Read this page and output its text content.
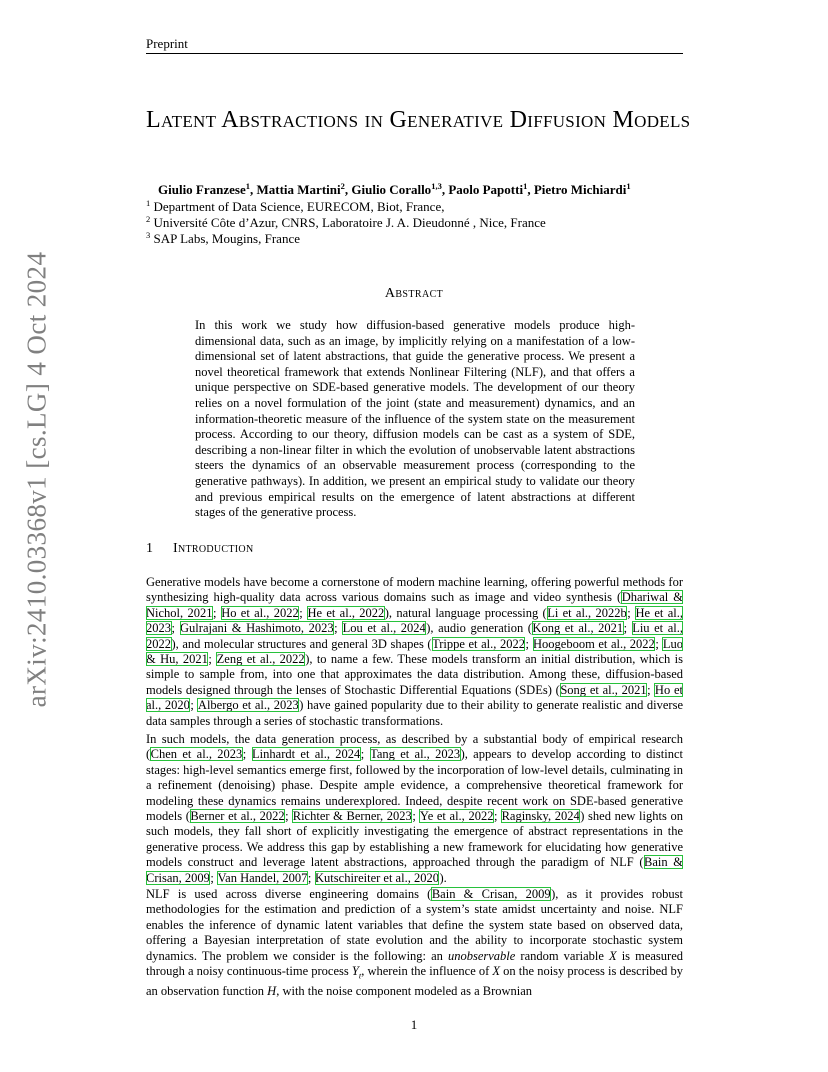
Preprint
arXiv:2410.03368v1 [cs.LG] 4 Oct 2024
Latent Abstractions in Generative Diffusion Models
Giulio Franzese$^1$, Mattia Martini$^2$, Giulio Corallo$^{1,3}$, Paolo Papotti$^1$, Pietro Michiardi$^1$
$^1$ Department of Data Science, EURECOM, Biot, France,
$^2$ Université Côte d’Azur, CNRS, Laboratoire J. A. Dieudonné , Nice, France
$^3$ SAP Labs, Mougins, France
Abstract

In this work we study how diffusion-based generative models produce high-dimensional data, such as an image, by implicitly relying on a manifestation of a low-dimensional set of latent abstractions, that guide the generative process. We present a novel theoretical framework that extends Nonlinear Filtering (NLF), and that offers a unique perspective on SDE-based generative models. The development of our theory relies on a novel formulation of the joint (state and measurement) dynamics, and an information-theoretic measure of the influence of the system state on the measurement process. According to our theory, diffusion models can be cast as a system of SDE, describing a non-linear filter in which the evolution of unobservable latent abstractions steers the dynamics of an observable measurement process (corresponding to the generative pathways). In addition, we present an empirical study to validate our theory and previous empirical results on the emergence of latent abstractions at different stages of the generative process.

1 Introduction

Generative models have become a cornerstone of modern machine learning, offering powerful methods for synthesizing high-quality data across various domains such as image and video synthesis (Dhariwal & Nichol, 2021; Ho et al., 2022; He et al., 2022), natural language processing (Li et al., 2022b; He et al., 2023; Gulrajani & Hashimoto, 2023; Lou et al., 2024), audio generation (Kong et al., 2021; Liu et al., 2022), and molecular structures and general 3D shapes (Trippe et al., 2022; Hoogeboom et al., 2022; Luo & Hu, 2021; Zeng et al., 2022), to name a few. These models transform an initial distribution, which is simple to sample from, into one that approximates the data distribution. Among these, diffusion-based models designed through the lenses of Stochastic Differential Equations (SDEs) (Song et al., 2021; Ho et al., 2020; Albergo et al., 2023) have gained popularity due to their ability to generate realistic and diverse data samples through a series of stochastic transformations.

In such models, the data generation process, as described by a substantial body of empirical research (Chen et al., 2023; Linhardt et al., 2024; Tang et al., 2023), appears to develop according to distinct stages: high-level semantics emerge first, followed by the incorporation of low-level details, culminating in a refinement (denoising) phase. Despite ample evidence, a comprehensive theoretical framework for modeling these dynamics remains underexplored. Indeed, despite recent work on SDE-based generative models (Berner et al., 2022; Richter & Berner, 2023; Ye et al., 2022; Raginsky, 2024) shed new lights on such models, they fall short of explicitly investigating the emergence of abstract representations in the generative process. We address this gap by establishing a new framework for elucidating how generative models construct and leverage latent abstractions, approached through the paradigm of NLF (Bain & Crisan, 2009; Van Handel, 2007; Kutschireiter et al., 2020).

NLF is used across diverse engineering domains (Bain & Crisan, 2009), as it provides robust methodologies for the estimation and prediction of a system’s state amidst uncertainty and noise. NLF enables the inference of dynamic latent variables that define the system state based on observed data, offering a Bayesian interpretation of state evolution and the ability to incorporate stochastic system dynamics. The problem we consider is the following: an unobservable random variable X is measured through a noisy continuous-time process $Y_t$, wherein the influence of X on the noisy process is described by an observation function H, with the noise component modeled as a Brownian

1
